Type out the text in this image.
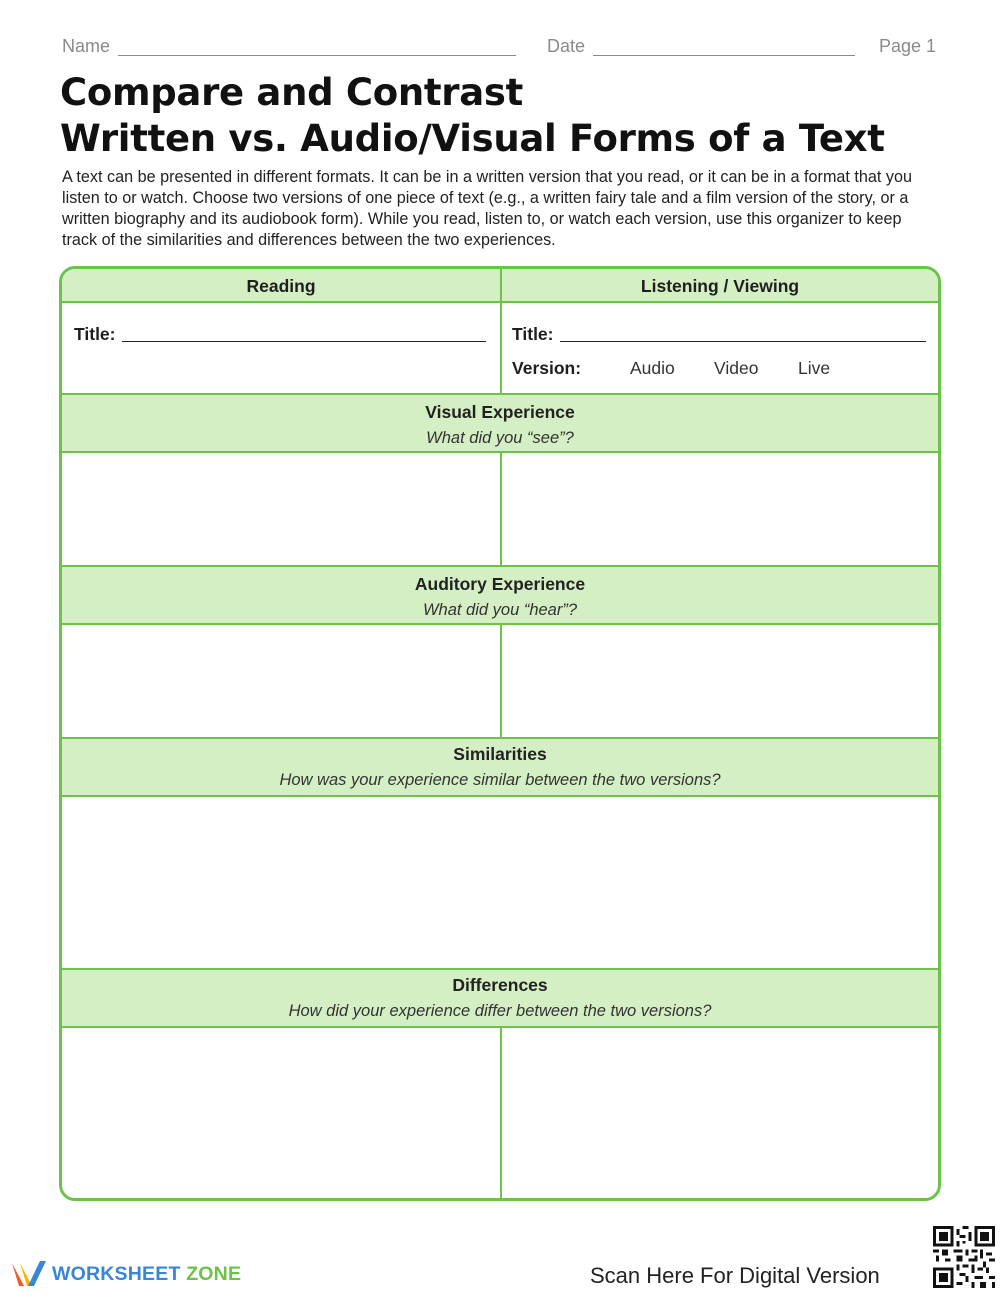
Name	Date	Page 1
Compare and Contrast
Written vs. Audio/Visual Forms of a Text

A text can be presented in different formats. It can be in a written version that you read, or it can be in a format that you listen to or watch. Choose two versions of one piece of text (e.g., a written fairy tale and a film version of the story, or a written biography and its audiobook form). While you read, listen to, or watch each version, use this organizer to keep track of the similarities and differences between the two experiences.

Reading	Listening / Viewing
Title:	Title:
Version:	Audio Video Live
Visual Experience
What did you “see”?
Auditory Experience
What did you “hear”?
Similarities
How was your experience similar between the two versions?
Differences
How did your experience differ between the two versions?
WORKSHEET ZONE	Scan Here For Digital Version
